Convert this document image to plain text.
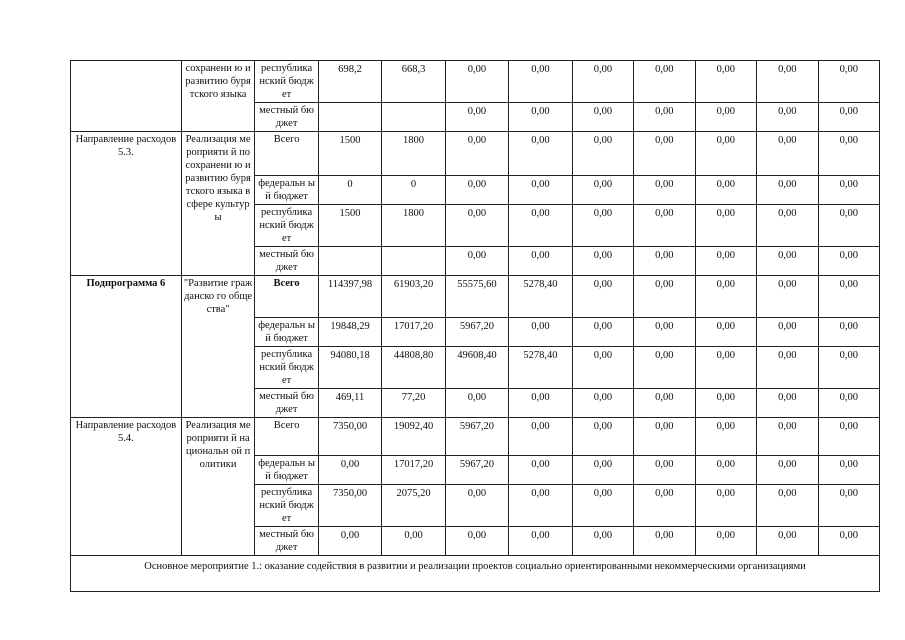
	сохранени ю и развитию бурятского языка	республика нский бюджет	698,2	668,3	0,00	0,00	0,00	0,00	0,00	0,00	0,00
		местный бюджет			0,00	0,00	0,00	0,00	0,00	0,00	0,00
Направление расходов 5.3.	Реализация мероприяти й по сохранени ю и развитию бурятского языка в сфере культуры	Всего	1500	1800	0,00	0,00	0,00	0,00	0,00	0,00	0,00
		федеральн ый бюджет	0	0	0,00	0,00	0,00	0,00	0,00	0,00	0,00
		республика нский бюджет	1500	1800	0,00	0,00	0,00	0,00	0,00	0,00	0,00
		местный бюджет			0,00	0,00	0,00	0,00	0,00	0,00	0,00
Подпрограмма 6	"Развитие гражданско го общества"	Всего	114397,98	61903,20	55575,60	5278,40	0,00	0,00	0,00	0,00	0,00
		федеральн ый бюджет	19848,29	17017,20	5967,20	0,00	0,00	0,00	0,00	0,00	0,00
		республика нский бюджет	94080,18	44808,80	49608,40	5278,40	0,00	0,00	0,00	0,00	0,00
		местный бюджет	469,11	77,20	0,00	0,00	0,00	0,00	0,00	0,00	0,00
Направление расходов 5.4.	Реализация мероприяти й национальн ой политики	Всего	7350,00	19092,40	5967,20	0,00	0,00	0,00	0,00	0,00	0,00
		федеральн ый бюджет	0,00	17017,20	5967,20	0,00	0,00	0,00	0,00	0,00	0,00
		республика нский бюджет	7350,00	2075,20	0,00	0,00	0,00	0,00	0,00	0,00	0,00
		местный бюджет	0,00	0,00	0,00	0,00	0,00	0,00	0,00	0,00	0,00
Основное мероприятие 1.: оказание содействия в развитии и реализации проектов социально ориентированными некоммерческими организациями											
